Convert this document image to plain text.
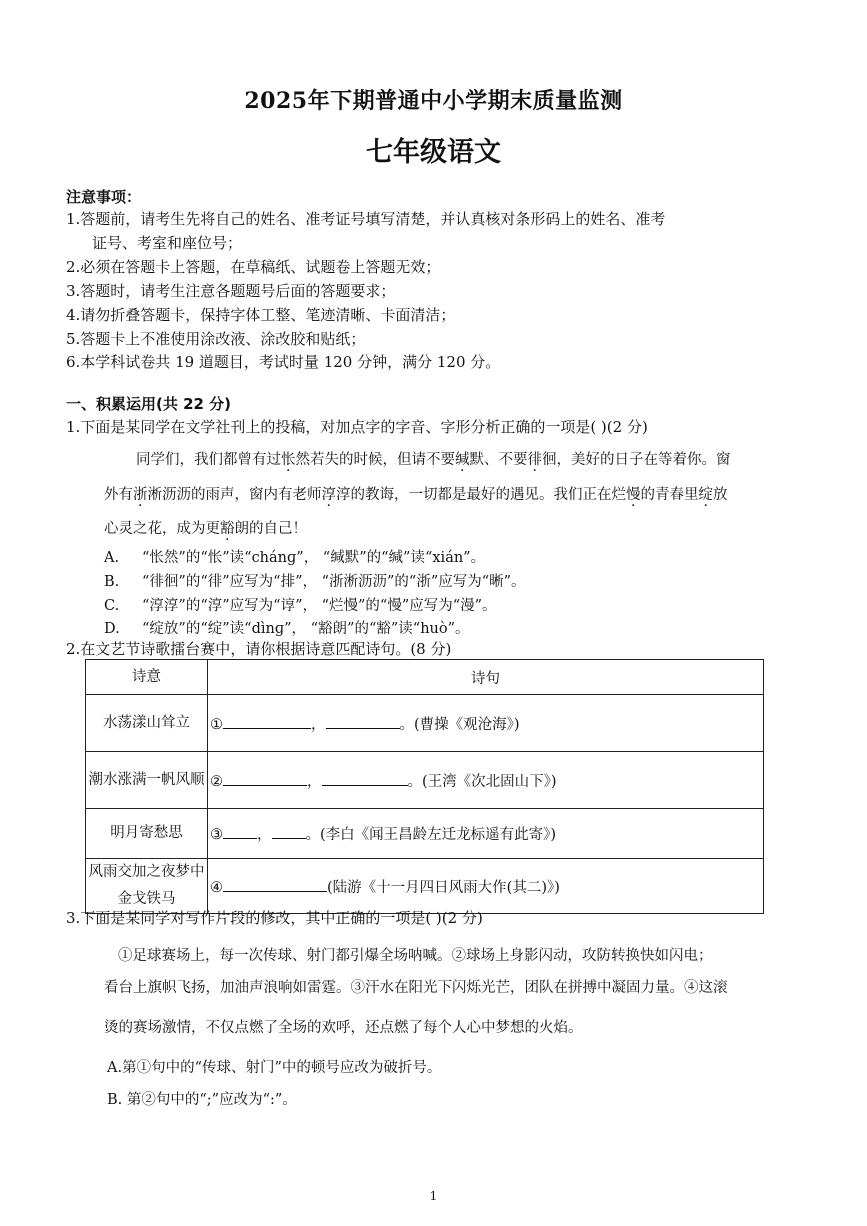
2025年下期普通中小学期末质量监测
七年级语文
注意事项：
1.答题前，请考生先将自己的姓名、准考证号填写清楚，并认真核对条形码上的姓名、准考
证号、考室和座位号；
2.必须在答题卡上答题，在草稿纸、试题卷上答题无效；
3.答题时，请考生注意各题题号后面的答题要求；
4.请勿折叠答题卡，保持字体工整、笔迹清晰、卡面清洁；
5.答题卡上不准使用涂改液、涂改胶和贴纸；
6.本学科试卷共 19 道题目，考试时量 120 分钟，满分 120 分。
一、积累运用(共 22 分)
1.下面是某同学在文学社刊上的投稿，对加点字的字音、字形分析正确的一项是( )(2 分)
同学们，我们都曾有过怅然若失的时候，但请不要缄默、不要徘徊，美好的日子在等着你。窗
外有浙淅沥沥的雨声，窗内有老师淳淳的教诲，一切都是最好的遇见。我们正在烂慢的青春里绽放
心灵之花，成为更豁朗的自己！
A. “怅然”的“怅”读“chánɡ”， “缄默”的“缄”读“xián”。
B. “徘徊”的“徘”应写为“排”， “浙淅沥沥”的“浙”应写为“晰”。
C. “淳淳”的“淳”应写为“谆”， “烂慢”的“慢”应写为“漫”。
D. “绽放”的“绽”读“dìnɡ”， “豁朗”的“豁”读“huò”。
2.在文艺节诗歌擂台赛中，请你根据诗意匹配诗句。(8 分)
诗意	诗句
水荡漾山耸立	① ， 。(曹操《观沧海》)
潮水涨满一帆风顺	② ， 。(王湾《次北固山下》)
明月寄愁思	③ ， 。(李白《闻王昌龄左迁龙标遥有此寄》)
风雨交加之夜梦中金戈铁马	④ (陆游《十一月四日风雨大作(其二)》)
3.下面是某同学对写作片段的修改，其中正确的一项是( )(2 分)
①足球赛场上，每一次传球、射门都引爆全场呐喊。②球场上身影闪动，攻防转换快如闪电；
看台上旗帜飞扬，加油声浪响如雷霆。③汗水在阳光下闪烁光芒，团队在拼搏中凝固力量。④这滚
烫的赛场激情，不仅点燃了全场的欢呼，还点燃了每个人心中梦想的火焰。
A.第①句中的“传球、射门”中的顿号应改为破折号。
B. 第②句中的“;”应改为“:”。
1
